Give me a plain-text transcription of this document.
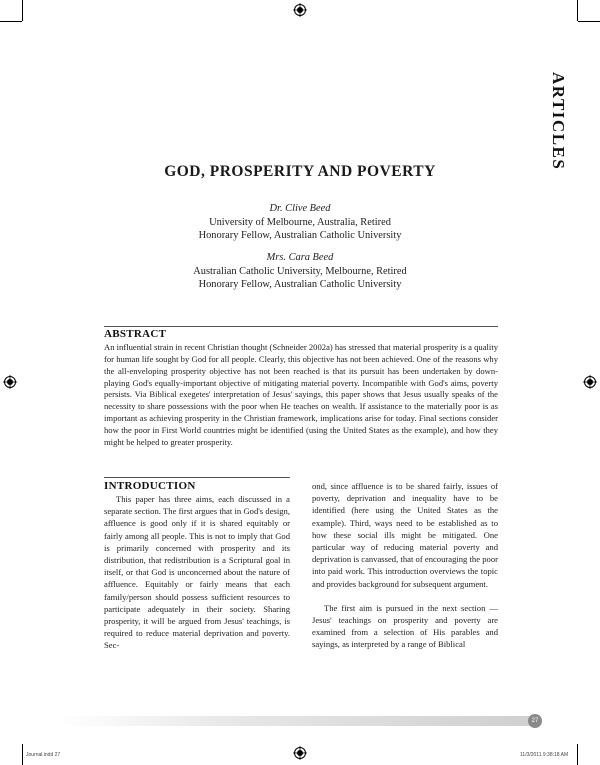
ARTICLES
GOD, PROSPERITY AND POVERTY
Dr. Clive Beed
University of Melbourne, Australia, Retired
Honorary Fellow, Australian Catholic University
Mrs. Cara Beed
Australian Catholic University, Melbourne, Retired
Honorary Fellow, Australian Catholic University
ABSTRACT
An influential strain in recent Christian thought (Schneider 2002a) has stressed that material prosperity is a quality for human life sought by God for all people. Clearly, this objective has not been achieved. One of the reasons why the all-enveloping prosperity objective has not been reached is that its pursuit has been undertaken by down-playing God's equally-important objective of mitigating material poverty. Incompatible with God's aims, poverty persists. Via Biblical exegetes' interpretation of Jesus' sayings, this paper shows that Jesus usually speaks of the necessity to share possessions with the poor when He teaches on wealth. If assistance to the materially poor is as important as achieving prosperity in the Christian framework, implications arise for today. Final sections consider how the poor in First World countries might be identified (using the United States as the example), and how they might be helped to greater prosperity.
INTRODUCTION

This paper has three aims, each discussed in a separate section. The first argues that in God's design, affluence is good only if it is shared equitably or fairly among all people. This is not to imply that God is primarily concerned with prosperity and its distribution, that redistribution is a Scriptural goal in itself, or that God is unconcerned about the nature of affluence. Equitably or fairly means that each family/person should possess sufficient resources to participate adequately in their society. Sharing prosperity, it will be argued from Jesus' teachings, is required to reduce material deprivation and poverty. Sec-

ond, since affluence is to be shared fairly, issues of poverty, deprivation and inequality have to be identified (here using the United States as the example). Third, ways need to be established as to how these social ills might be mitigated. One particular way of reducing material poverty and deprivation is canvassed, that of encouraging the poor into paid work. This introduction overviews the topic and provides background for subsequent argument.

The first aim is pursued in the next section —Jesus' teachings on prosperity and poverty are examined from a selection of His parables and sayings, as interpreted by a range of Biblical

27
Journal.indd 27	11/3/2011 9:38:18 AM
